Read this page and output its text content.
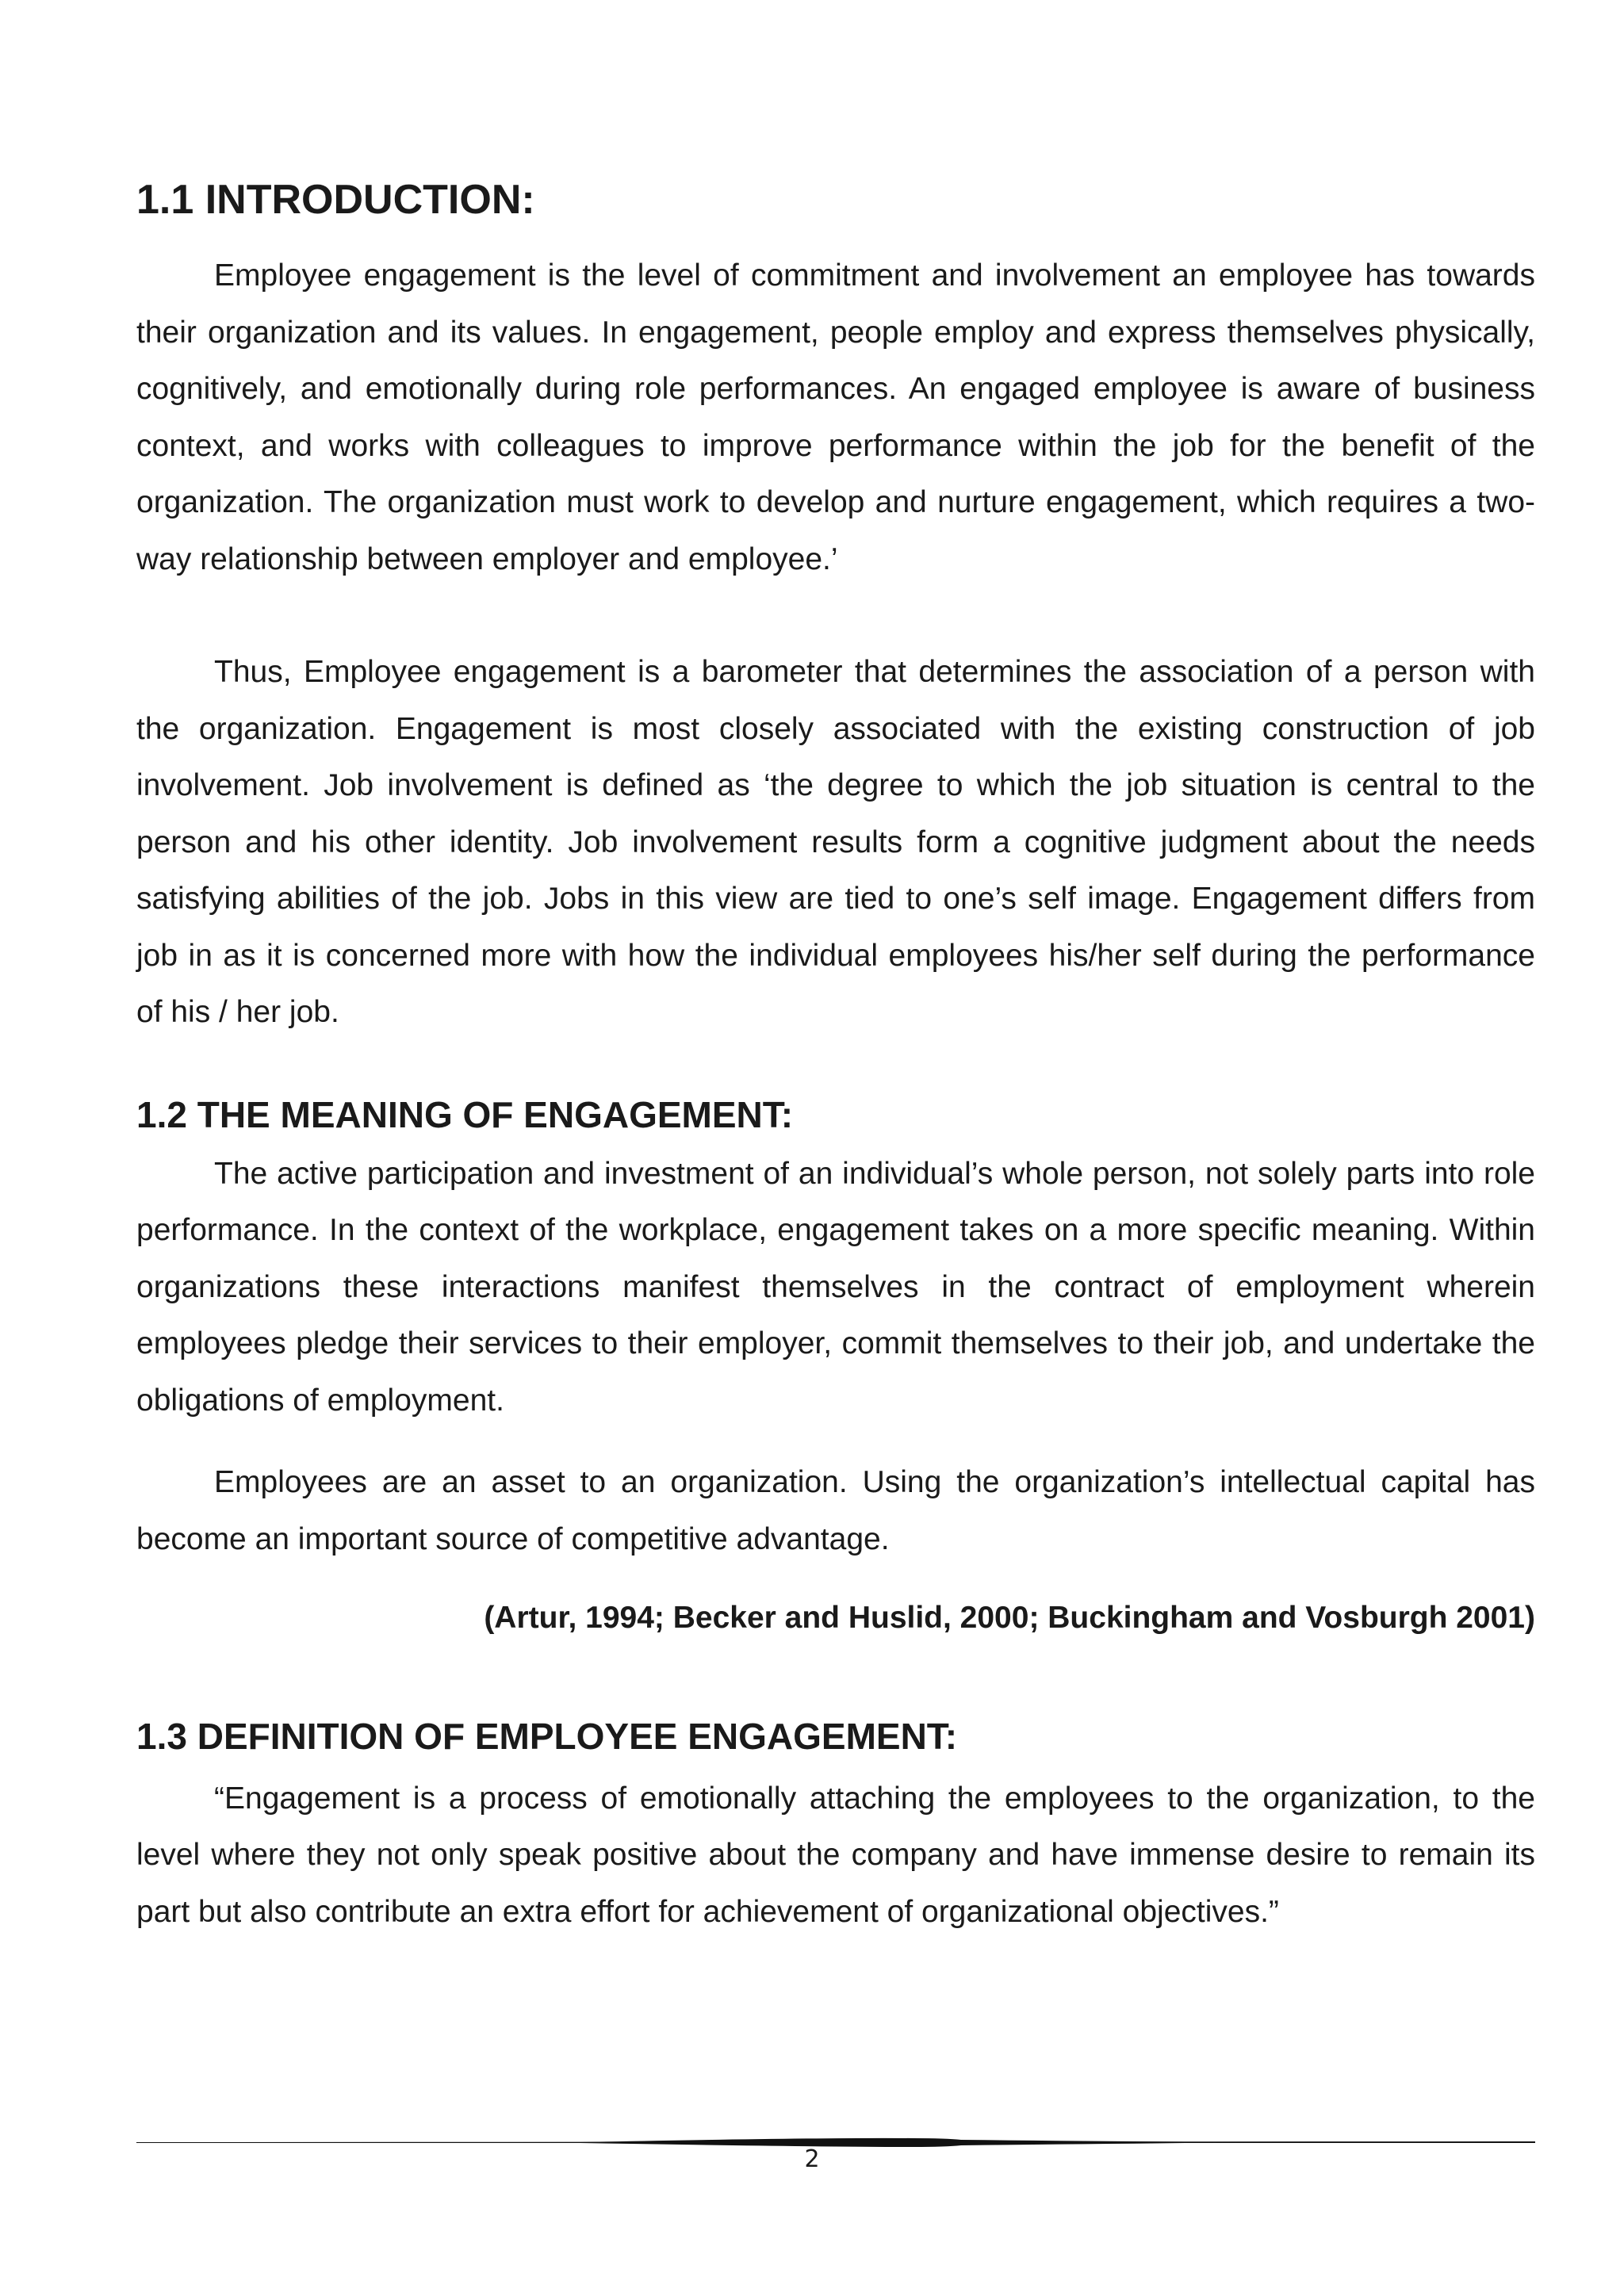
1.1 INTRODUCTION:

Employee engagement is the level of commitment and involvement an employee has towards their organization and its values. In engagement, people employ and express themselves physically, cognitively, and emotionally during role performances. An engaged employee is aware of business context, and works with colleagues to improve performance within the job for the benefit of the organization. The organization must work to develop and nurture engagement, which requires a two-way relationship between employer and employee.’

Thus, Employee engagement is a barometer that determines the association of a person with the organization. Engagement is most closely associated with the existing construction of job involvement. Job involvement is defined as ‘the degree to which the job situation is central to the person and his other identity. Job involvement results form a cognitive judgment about the needs satisfying abilities of the job. Jobs in this view are tied to one’s self image. Engagement differs from job in as it is concerned more with how the individual employees his/her self during the performance of his / her job.

1.2 THE MEANING OF ENGAGEMENT:

The active participation and investment of an individual’s whole person, not solely parts into role performance. In the context of the workplace, engagement takes on a more specific meaning. Within organizations these interactions manifest themselves in the contract of employment wherein employees pledge their services to their employer, commit themselves to their job, and undertake the obligations of employment.

Employees are an asset to an organization. Using the organization’s intellectual capital has become an important source of competitive advantage.

(Artur, 1994; Becker and Huslid, 2000; Buckingham and Vosburgh 2001)

1.3 DEFINITION OF EMPLOYEE ENGAGEMENT:

“Engagement is a process of emotionally attaching the employees to the organization, to the level where they not only speak positive about the company and have immense desire to remain its part but also contribute an extra effort for achievement of organizational objectives.”

2
